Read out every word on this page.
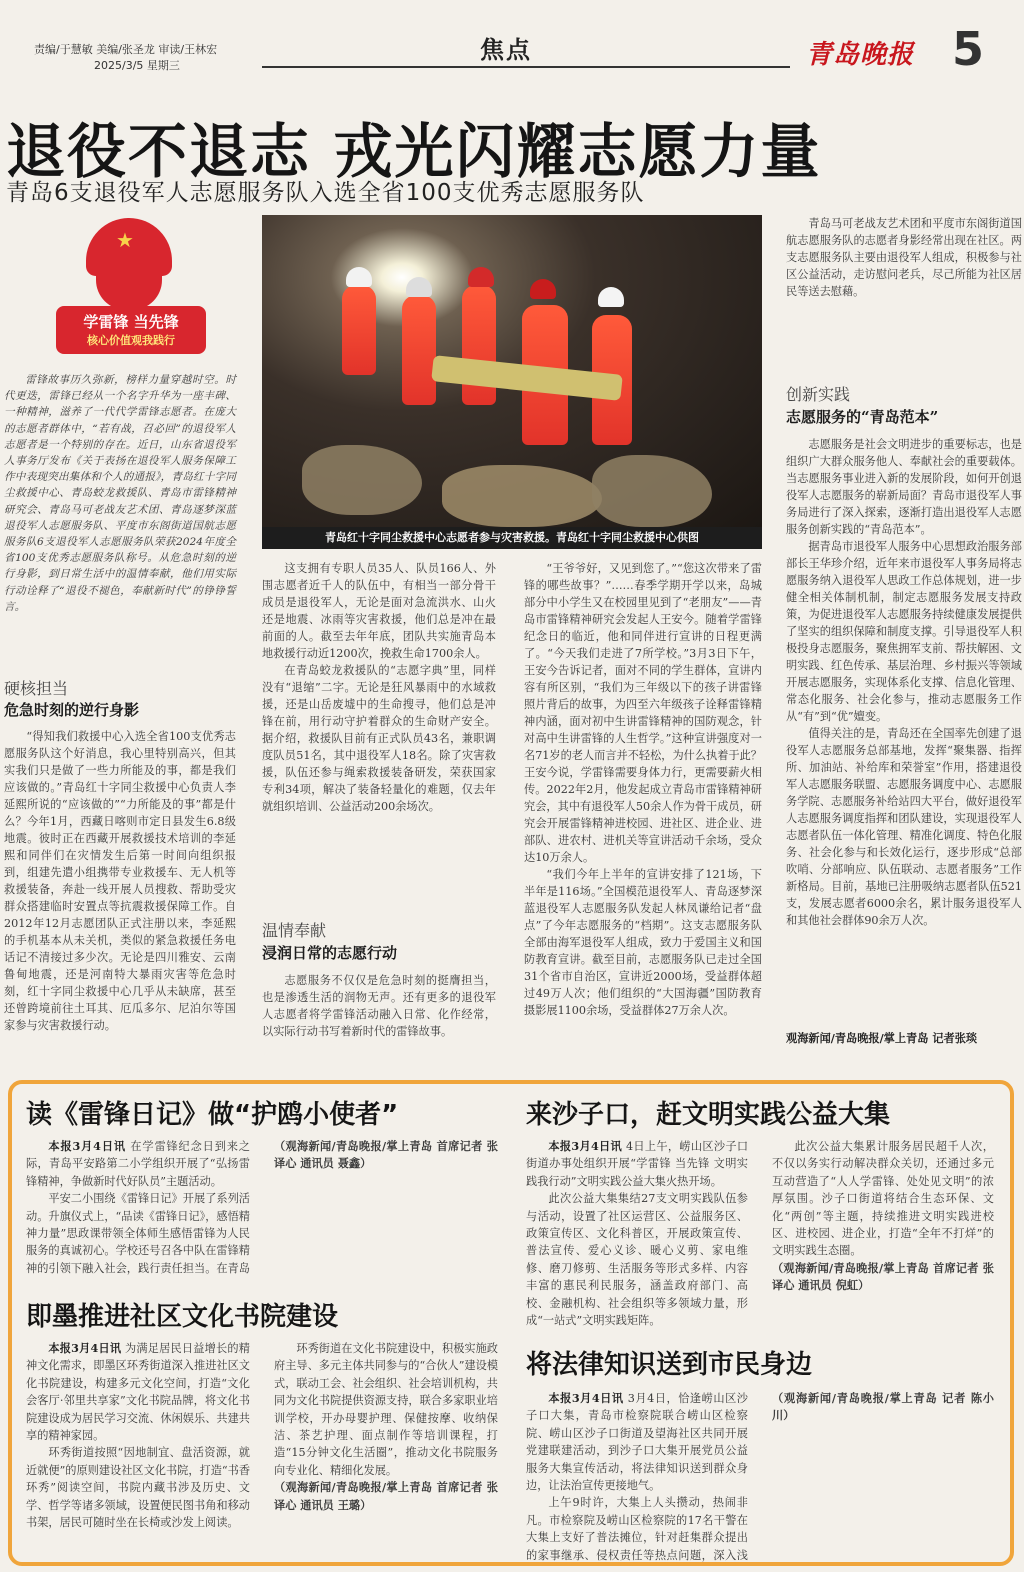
责编/于慧敏 美编/张圣龙 审读/王林宏
2025/3/5 星期三
焦点	青岛晚报 5
退役不退志 戎光闪耀志愿力量
青岛6支退役军人志愿服务队入选全省100支优秀志愿服务队
★
学雷锋 当先锋
核心价值观我践行

雷锋故事历久弥新，榜样力量穿越时空。时代更迭，雷锋已经从一个名字升华为一座丰碑、一种精神，滋养了一代代学雷锋志愿者。在庞大的志愿者群体中，“若有战，召必回”的退役军人志愿者是一个特别的存在。近日，山东省退役军人事务厅发布《关于表扬在退役军人服务保障工作中表现突出集体和个人的通报》，青岛红十字同尘救援中心、青岛蛟龙救援队、青岛市雷锋精神研究会、青岛马可老战友艺术团、青岛逐梦深蓝退役军人志愿服务队、平度市东阁街道国航志愿服务队6支退役军人志愿服务队荣获2024年度全省100支优秀志愿服务队称号。从危急时刻的逆行身影，到日常生活中的温情奉献，他们用实际行动诠释了“退役不褪色，奉献新时代”的铮铮誓言。

硬核担当
危急时刻的逆行身影

“得知我们救援中心入选全省100支优秀志愿服务队这个好消息，我心里特别高兴，但其实我们只是做了一些力所能及的事，都是我们应该做的。”青岛红十字同尘救援中心负责人李延熙所说的“应该做的”“力所能及的事”都是什么？今年1月，西藏日喀则市定日县发生6.8级地震。彼时正在西藏开展救援技术培训的李延熙和同伴们在灾情发生后第一时间向组织报到，组建先遣小组携带专业救援车、无人机等救援装备，奔赴一线开展人员搜救、帮助受灾群众搭建临时安置点等抗震救援保障工作。自2012年12月志愿团队正式注册以来，李延熙的手机基本从未关机，类似的紧急救援任务电话记不清接过多少次。无论是四川雅安、云南鲁甸地震，还是河南特大暴雨灾害等危急时刻，红十字同尘救援中心几乎从未缺席，甚至还曾跨境前往土耳其、厄瓜多尔、尼泊尔等国家参与灾害救援行动。

青岛红十字同尘救援中心志愿者参与灾害救援。青岛红十字同尘救援中心供图

这支拥有专职人员35人、队员166人、外围志愿者近千人的队伍中，有相当一部分骨干成员是退役军人，无论是面对急流洪水、山火还是地震、冰雨等灾害救援，他们总是冲在最前面的人。截至去年年底，团队共实施青岛本地救援行动近1200次，挽救生命1700余人。

在青岛蛟龙救援队的“志愿字典”里，同样没有“退缩”二字。无论是狂风暴雨中的水域救援，还是山岳废墟中的生命搜寻，他们总是冲锋在前，用行动守护着群众的生命财产安全。据介绍，救援队目前有正式队员43名，兼职调度队员51名，其中退役军人18名。除了灾害救援，队伍还参与绳索救援装备研发，荣获国家专利34项，解决了装备轻量化的难题，仅去年就组织培训、公益活动200余场次。

温情奉献
浸润日常的志愿行动

志愿服务不仅仅是危急时刻的挺膺担当，也是渗透生活的润物无声。还有更多的退役军人志愿者将学雷锋活动融入日常、化作经常，以实际行动书写着新时代的雷锋故事。

“王爷爷好，又见到您了。”“您这次带来了雷锋的哪些故事？”……春季学期开学以来，岛城部分中小学生又在校园里见到了“老朋友”——青岛市雷锋精神研究会发起人王安今。随着学雷锋纪念日的临近，他和同伴进行宣讲的日程更满了。“今天我们走进了7所学校。”3月3日下午，王安今告诉记者，面对不同的学生群体，宣讲内容有所区别，“我们为三年级以下的孩子讲雷锋照片背后的故事，为四至六年级孩子诠释雷锋精神内涵，面对初中生讲雷锋精神的国防观念，针对高中生讲雷锋的人生哲学。”这种宣讲强度对一名71岁的老人而言并不轻松，为什么执着于此？王安今说，学雷锋需要身体力行，更需要薪火相传。2022年2月，他发起成立青岛市雷锋精神研究会，其中有退役军人50余人作为骨干成员，研究会开展雷锋精神进校园、进社区、进企业、进部队、进农村、进机关等宣讲活动千余场，受众达10万余人。

“我们今年上半年的宣讲安排了121场，下半年是116场。”全国模范退役军人、青岛逐梦深蓝退役军人志愿服务队发起人林凤谦给记者“盘点”了今年志愿服务的“档期”。这支志愿服务队全部由海军退役军人组成，致力于爱国主义和国防教育宣讲。截至目前，志愿服务队已走过全国31个省市自治区，宣讲近2000场，受益群体超过49万人次；他们组织的“大国海疆”国防教育摄影展1100余场，受益群体27万余人次。

青岛马可老战友艺术团和平度市东阁街道国航志愿服务队的志愿者身影经常出现在社区。两支志愿服务队主要由退役军人组成，积极参与社区公益活动，走访慰问老兵，尽己所能为社区居民等送去慰藉。

创新实践
志愿服务的“青岛范本”

志愿服务是社会文明进步的重要标志，也是组织广大群众服务他人、奉献社会的重要载体。当志愿服务事业进入新的发展阶段，如何开创退役军人志愿服务的崭新局面？青岛市退役军人事务局进行了深入探索，逐渐打造出退役军人志愿服务创新实践的“青岛范本”。

据青岛市退役军人服务中心思想政治服务部部长王华珍介绍，近年来市退役军人事务局将志愿服务纳入退役军人思政工作总体规划，进一步健全相关体制机制，制定志愿服务发展支持政策，为促进退役军人志愿服务持续健康发展提供了坚实的组织保障和制度支撑。引导退役军人积极投身志愿服务，聚焦拥军支前、帮扶解困、文明实践、红色传承、基层治理、乡村振兴等领域开展志愿服务，实现体系化支撑、信息化管理、常态化服务、社会化参与，推动志愿服务工作从“有”到“优”嬗变。

值得关注的是，青岛还在全国率先创建了退役军人志愿服务总部基地，发挥“聚集器、指挥所、加油站、补给库和荣誉室”作用，搭建退役军人志愿服务联盟、志愿服务调度中心、志愿服务学院、志愿服务补给站四大平台，做好退役军人志愿服务调度指挥和团队建设，实现退役军人志愿者队伍一体化管理、精准化调度、特色化服务、社会化参与和长效化运行，逐步形成“总部吹哨、分部响应、队伍联动、志愿者服务”工作新格局。目前，基地已注册吸纳志愿者队伍521支，发展志愿者6000余名，累计服务退役军人和其他社会群体90余万人次。

观海新闻/青岛晚报/掌上青岛 记者张琰

读《雷锋日记》做“护鸥小使者”

本报3月4日讯 在学雷锋纪念日到来之际，青岛平安路第二小学组织开展了“弘扬雷锋精神，争做新时代好队员”主题活动。

平安二小围绕《雷锋日记》开展了系列活动。升旗仪式上，“品读《雷锋日记》，感悟精神力量”思政课带领全体师生感悟雷锋为人民服务的真诚初心。学校还号召各中队在雷锋精神的引领下融入社会，践行责任担当。在青岛

（观海新闻/青岛晚报/掌上青岛 首席记者 张译心 通讯员 聂鑫）

即墨推进社区文化书院建设

本报3月4日讯 为满足居民日益增长的精神文化需求，即墨区环秀街道深入推进社区文化书院建设，构建多元文化空间，打造“文化会客厅·邻里共享家”文化书院品牌，将文化书院建设成为居民学习交流、休闲娱乐、共建共享的精神家园。

环秀街道按照“因地制宜、盘活资源，就近就便”的原则建设社区文化书院，打造“书香环秀”阅读空间，书院内藏书涉及历史、文学、哲学等诸多领域，设置便民图书角和移动书架，居民可随时坐在长椅或沙发上阅读。

环秀街道在文化书院建设中，积极实施政府主导、多元主体共同参与的“合伙人”建设模式，联动工会、社会组织、社会培训机构，共同为文化书院提供资源支持，联合多家职业培训学校，开办母婴护理、保健按摩、收纳保洁、茶艺护理、面点制作等培训课程，打造“15分钟文化生活圈”，推动文化书院服务向专业化、精细化发展。

（观海新闻/青岛晚报/掌上青岛 首席记者 张译心 通讯员 王璐）

来沙子口，赶文明实践公益大集

本报3月4日讯 4日上午，崂山区沙子口街道办事处组织开展“学雷锋 当先锋 文明实践我行动”文明实践公益大集火热开场。

此次公益大集集结27支文明实践队伍参与活动，设置了社区运营区、公益服务区、政策宣传区、文化科普区，开展政策宣传、普法宣传、爱心义诊、暖心义剪、家电维修、磨刀修剪、生活服务等形式多样、内容丰富的惠民利民服务，涵盖政府部门、高校、金融机构、社会组织等多领域力量，形成“一站式”文明实践矩阵。

此次公益大集累计服务居民超千人次，不仅以务实行动解决群众关切，还通过多元互动营造了“人人学雷锋、处处见文明”的浓厚氛围。沙子口街道将结合生态环保、文化“两创”等主题，持续推进文明实践进校区、进校园、进企业，打造“全年不打烊”的文明实践生态圈。

（观海新闻/青岛晚报/掌上青岛 首席记者 张译心 通讯员 倪虹）

将法律知识送到市民身边

本报3月4日讯 3月4日，恰逢崂山区沙子口大集，青岛市检察院联合崂山区检察院、崂山区沙子口街道及望海社区共同开展党建联建活动，到沙子口大集开展党员公益服务大集宣传活动，将法律知识送到群众身边，让法治宣传更接地气。

上午9时许，大集上人头攒动，热闹非凡。市检察院及崂山区检察院的17名干警在大集上支好了普法摊位，针对赶集群众提出的家事继承、侵权责任等热点问题，深入浅

（观海新闻/青岛晚报/掌上青岛 记者 陈小川）
